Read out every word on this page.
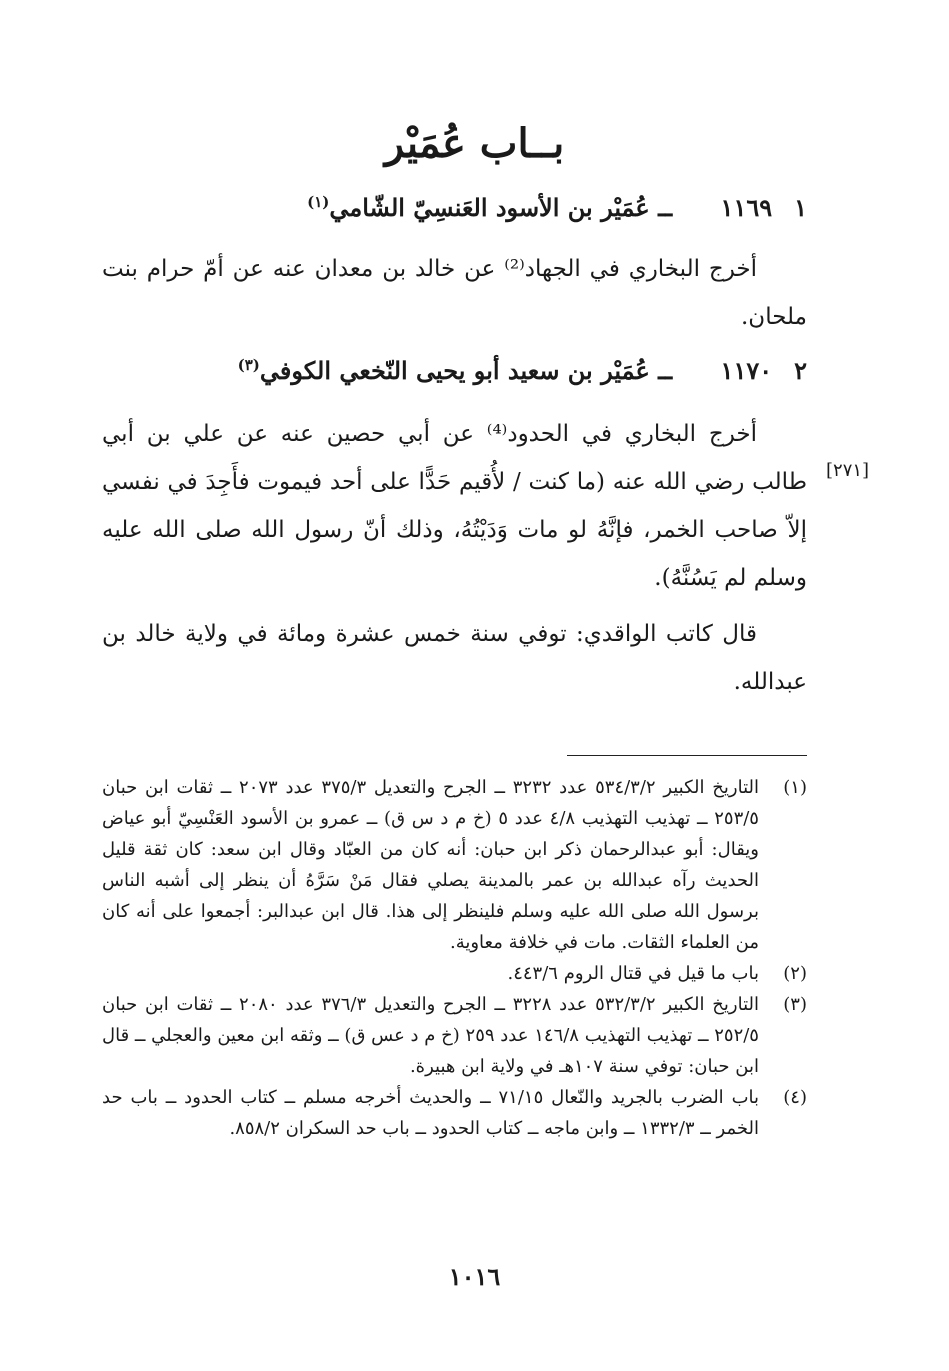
بــاب عُمَيْر
١١٦٩ ١ ــ عُمَيْر بن الأسود العَنسِيّ الشّامي$^{(١)}$
أخرج البخاري في الجهاد⁽²⁾ عن خالد بن معدان عنه عن أمّ حرام بنت ملحان.
١١٧٠ ٢ ــ عُمَيْر بن سعيد أبو يحيى النّخعي الكوفي$^{(٣)}$
أخرج البخاري في الحدود⁽⁴⁾ عن أبي حصين عنه عن علي بن أبي طالب رضي الله عنه (ما كنت / لأُقيم حَدًّا على أحد فيموت فأَجِدَ في نفسي إلاّ صاحب الخمر، فإنَّهُ لو مات وَدَيْتُهُ، وذلك أنّ رسول الله صلى الله عليه وسلم لم يَسُنَّهُ).
[٢٧١]
قال كاتب الواقدي: توفي سنة خمس عشرة ومائة في ولاية خالد بن عبدالله.
(١)
التاريخ الكبير ٥٣٤/٣/٢ عدد ٣٢٣٢ ــ الجرح والتعديل ٣٧٥/٣ عدد ٢٠٧٣ ــ ثقات ابن حبان ٢٥٣/٥ ــ تهذيب التهذيب ٤/٨ عدد ٥ (خ م د س ق) ــ عمرو بن الأسود العَنْسِيّ أبو عياض ويقال: أبو عبدالرحمان ذكر ابن حبان: أنه كان من العبّاد وقال ابن سعد: كان ثقة قليل الحديث رآه عبدالله بن عمر بالمدينة يصلي فقال مَنْ سَرَّهُ أن ينظر إلى أشبه الناس برسول الله صلى الله عليه وسلم فلينظر إلى هذا. قال ابن عبدالبر: أجمعوا على أنه كان من العلماء الثقات. مات في خلافة معاوية.
(٢)
باب ما قيل في قتال الروم ٤٤٣/٦.
(٣)
التاريخ الكبير ٥٣٢/٣/٢ عدد ٣٢٢٨ ــ الجرح والتعديل ٣٧٦/٣ عدد ٢٠٨٠ ــ ثقات ابن حبان ٢٥٢/٥ ــ تهذيب التهذيب ١٤٦/٨ عدد ٢٥٩ (خ م د عس ق) ــ وثقه ابن معين والعجلي ــ قال ابن حبان: توفي سنة ١٠٧هـ في ولاية ابن هبيرة.
(٤)
باب الضرب بالجريد والنّعال ٧١/١٥ ــ والحديث أخرجه مسلم ــ كتاب الحدود ــ باب حد الخمر ــ ١٣٣٢/٣ ــ وابن ماجه ــ كتاب الحدود ــ باب حد السكران ٨٥٨/٢.
١٠١٦
